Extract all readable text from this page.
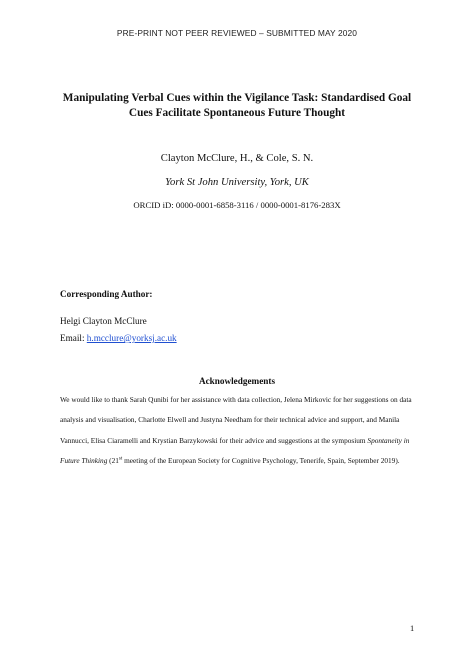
PRE-PRINT NOT PEER REVIEWED – SUBMITTED MAY 2020
Manipulating Verbal Cues within the Vigilance Task: Standardised Goal Cues Facilitate Spontaneous Future Thought
Clayton McClure, H., & Cole, S. N.
York St John University, York, UK
ORCID iD: 0000-0001-6858-3116 / 0000-0001-8176-283X
Corresponding Author:
Helgi Clayton McClure
Email: h.mcclure@yorksj.ac.uk
Acknowledgements
We would like to thank Sarah Qunibi for her assistance with data collection, Jelena Mirkovic for her suggestions on data analysis and visualisation, Charlotte Elwell and Justyna Needham for their technical advice and support, and Manila Vannucci, Elisa Ciaramelli and Krystian Barzykowski for their advice and suggestions at the symposium Spontaneity in Future Thinking (21st meeting of the European Society for Cognitive Psychology, Tenerife, Spain, September 2019).
1
